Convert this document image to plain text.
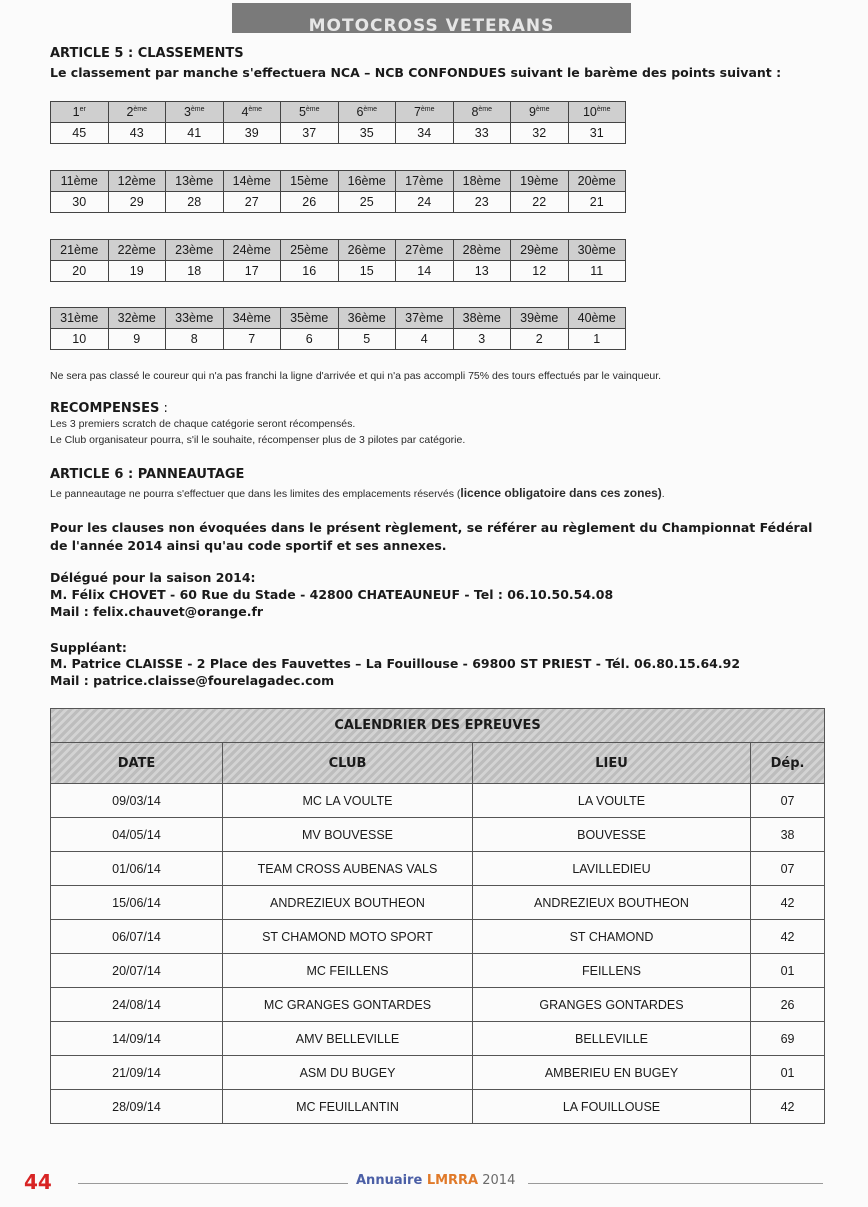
MOTOCROSS VETERANS
ARTICLE 5 : CLASSEMENTS
Le classement par manche s'effectuera NCA – NCB CONFONDUES suivant le barème des points suivant :
1er	2ème	3ème	4ème	5ème	6ème	7ème	8ème	9ème	10ème
45	43	41	39	37	35	34	33	32	31
11ème	12ème	13ème	14ème	15ème	16ème	17ème	18ème	19ème	20ème
30	29	28	27	26	25	24	23	22	21
21ème	22ème	23ème	24ème	25ème	26ème	27ème	28ème	29ème	30ème
20	19	18	17	16	15	14	13	12	11
31ème	32ème	33ème	34ème	35ème	36ème	37ème	38ème	39ème	40ème
10	9	8	7	6	5	4	3	2	1
Ne sera pas classé le coureur qui n'a pas franchi la ligne d'arrivée et qui n'a pas accompli 75% des tours effectués par le vainqueur.
RECOMPENSES :
Les 3 premiers scratch de chaque catégorie seront récompensés.
Le Club organisateur pourra, s'il le souhaite, récompenser plus de 3 pilotes par catégorie.
ARTICLE 6 : PANNEAUTAGE
Le panneautage ne pourra s'effectuer que dans les limites des emplacements réservés (licence obligatoire dans ces zones).
Pour les clauses non évoquées dans le présent règlement, se référer au règlement du Championnat Fédéral
de l'année 2014 ainsi qu'au code sportif et ses annexes.
Délégué pour la saison 2014:
M. Félix CHOVET - 60 Rue du Stade - 42800 CHATEAUNEUF - Tel : 06.10.50.54.08
Mail : felix.chauvet@orange.fr
Suppléant:
M. Patrice CLAISSE - 2 Place des Fauvettes – La Fouillouse - 69800 ST PRIEST - Tél. 06.80.15.64.92
Mail : patrice.claisse@fourelagadec.com
CALENDRIER DES EPREUVES			
DATE	CLUB	LIEU	Dép.
09/03/14	MC LA VOULTE	LA VOULTE	07
04/05/14	MV BOUVESSE	BOUVESSE	38
01/06/14	TEAM CROSS AUBENAS VALS	LAVILLEDIEU	07
15/06/14	ANDREZIEUX BOUTHEON	ANDREZIEUX BOUTHEON	42
06/07/14	ST CHAMOND MOTO SPORT	ST CHAMOND	42
20/07/14	MC FEILLENS	FEILLENS	01
24/08/14	MC GRANGES GONTARDES	GRANGES GONTARDES	26
14/09/14	AMV BELLEVILLE	BELLEVILLE	69
21/09/14	ASM DU BUGEY	AMBERIEU EN BUGEY	01
28/09/14	MC FEUILLANTIN	LA FOUILLOUSE	42
44	Annuaire LMRRA 2014
